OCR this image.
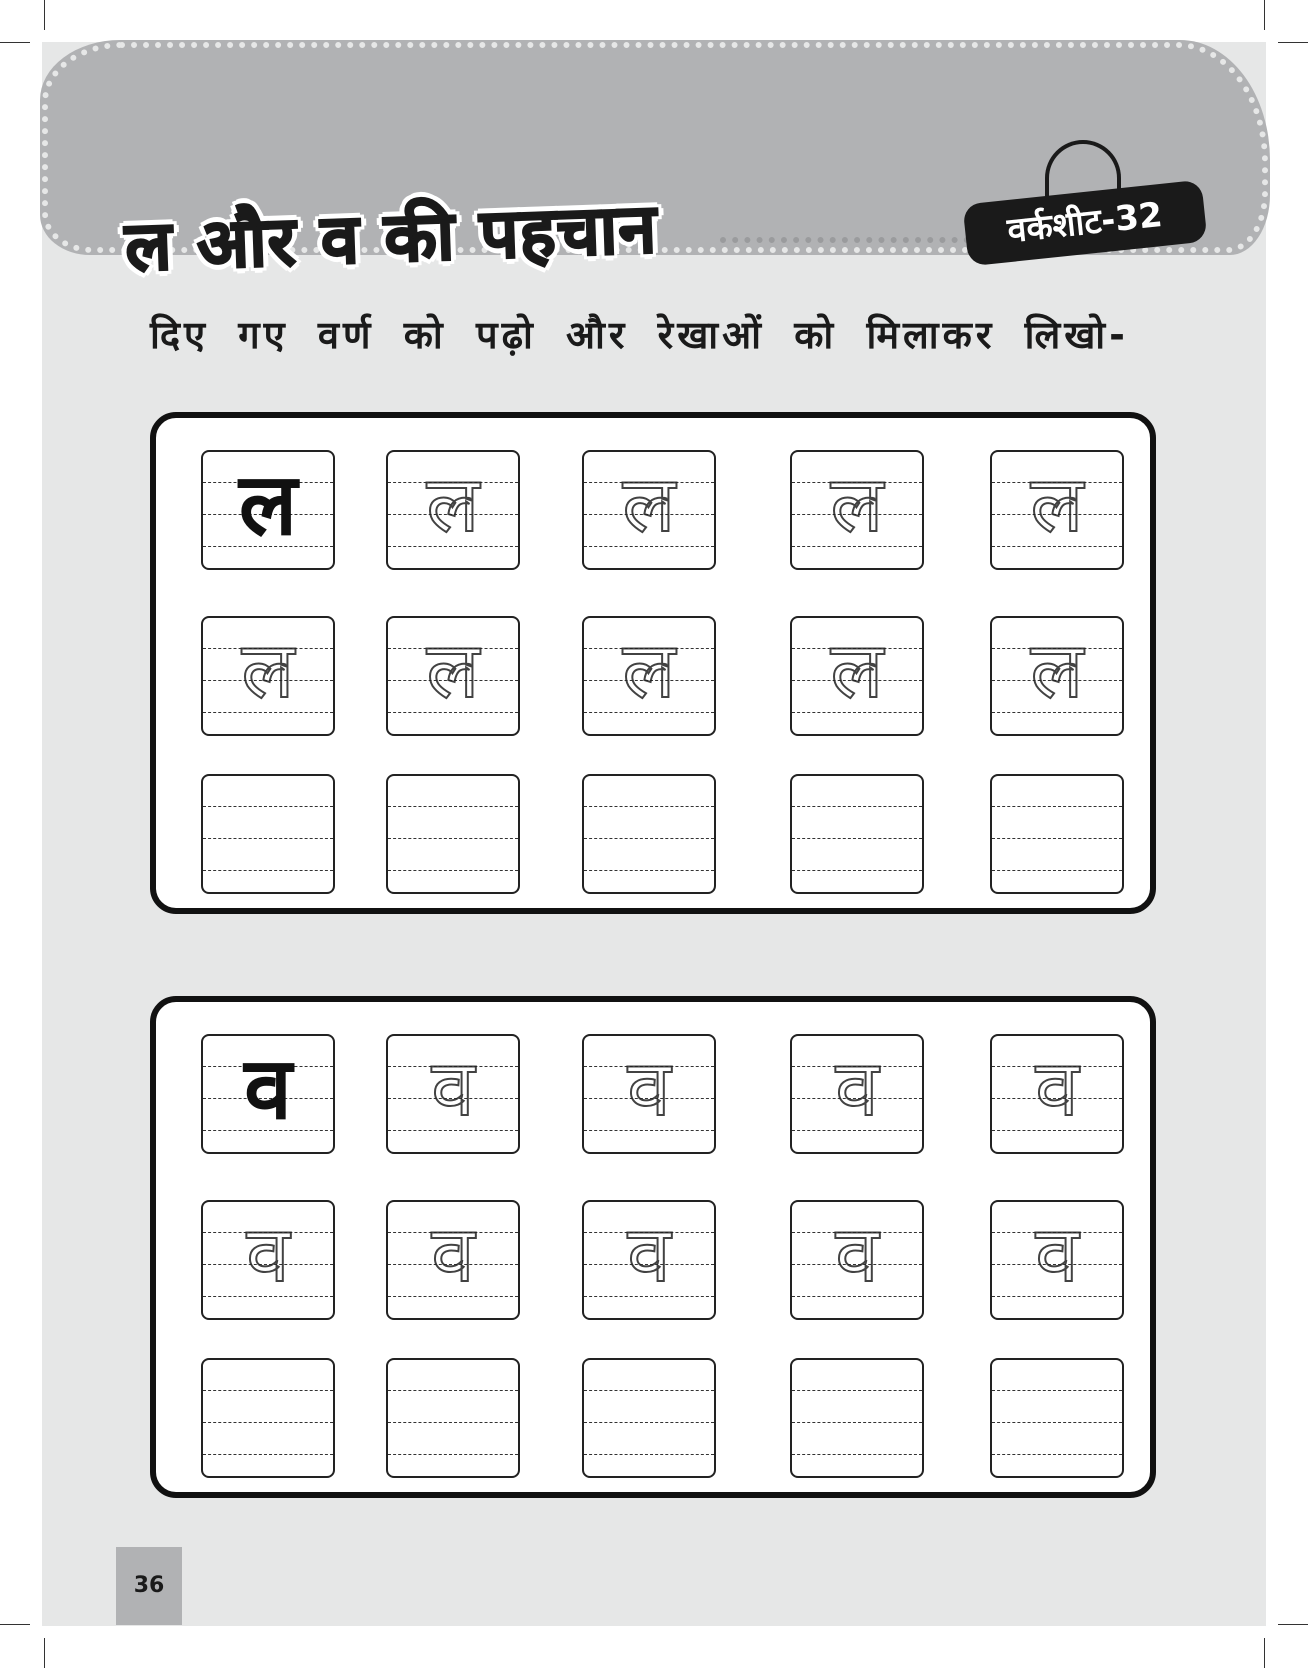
ल और व की पहचान	वर्कशीट-32
दिए गए वर्ण को पढ़ो और रेखाओं को मिलाकर लिखो-
ल	ल	ल	ल	ल
ल	ल	ल	ल	ल
व	व	व	व	व
व	व	व	व	व
36
